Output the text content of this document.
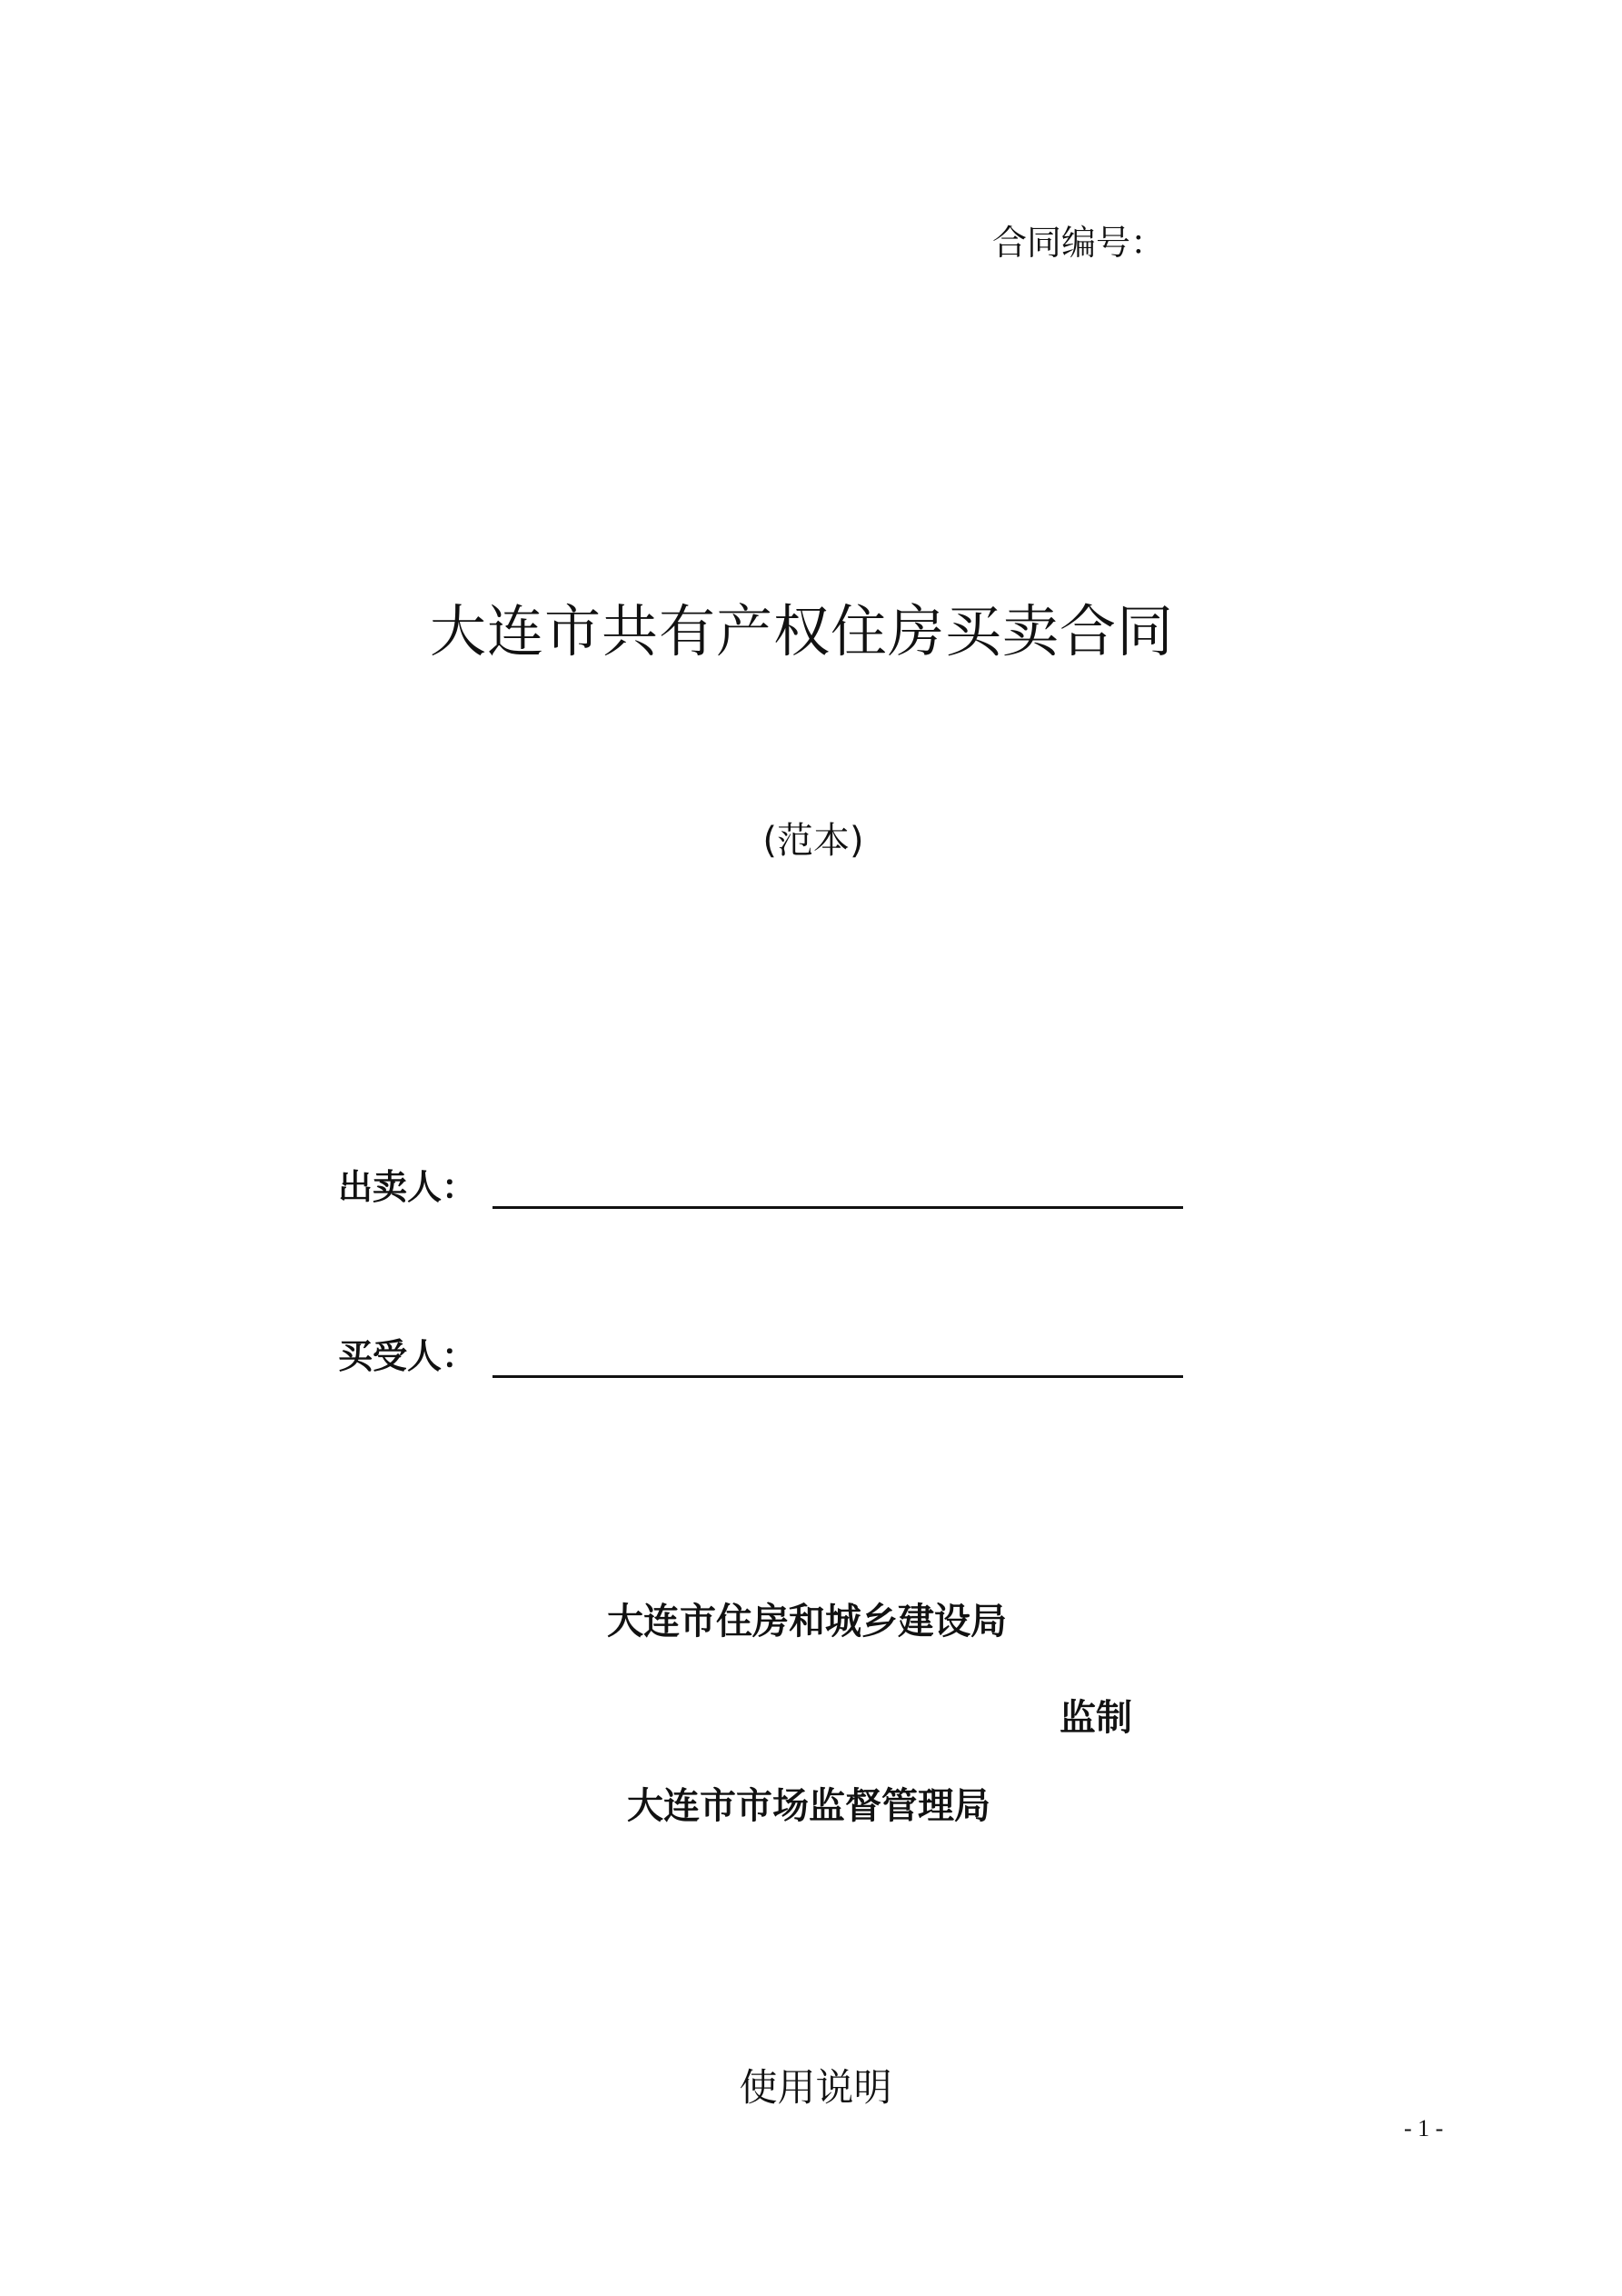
合同编号：
大连市共有产权住房买卖合同
(范本)
出卖人：
买受人：
大连市住房和城乡建设局
监制
大连市市场监督管理局
使用说明
- 1 -
